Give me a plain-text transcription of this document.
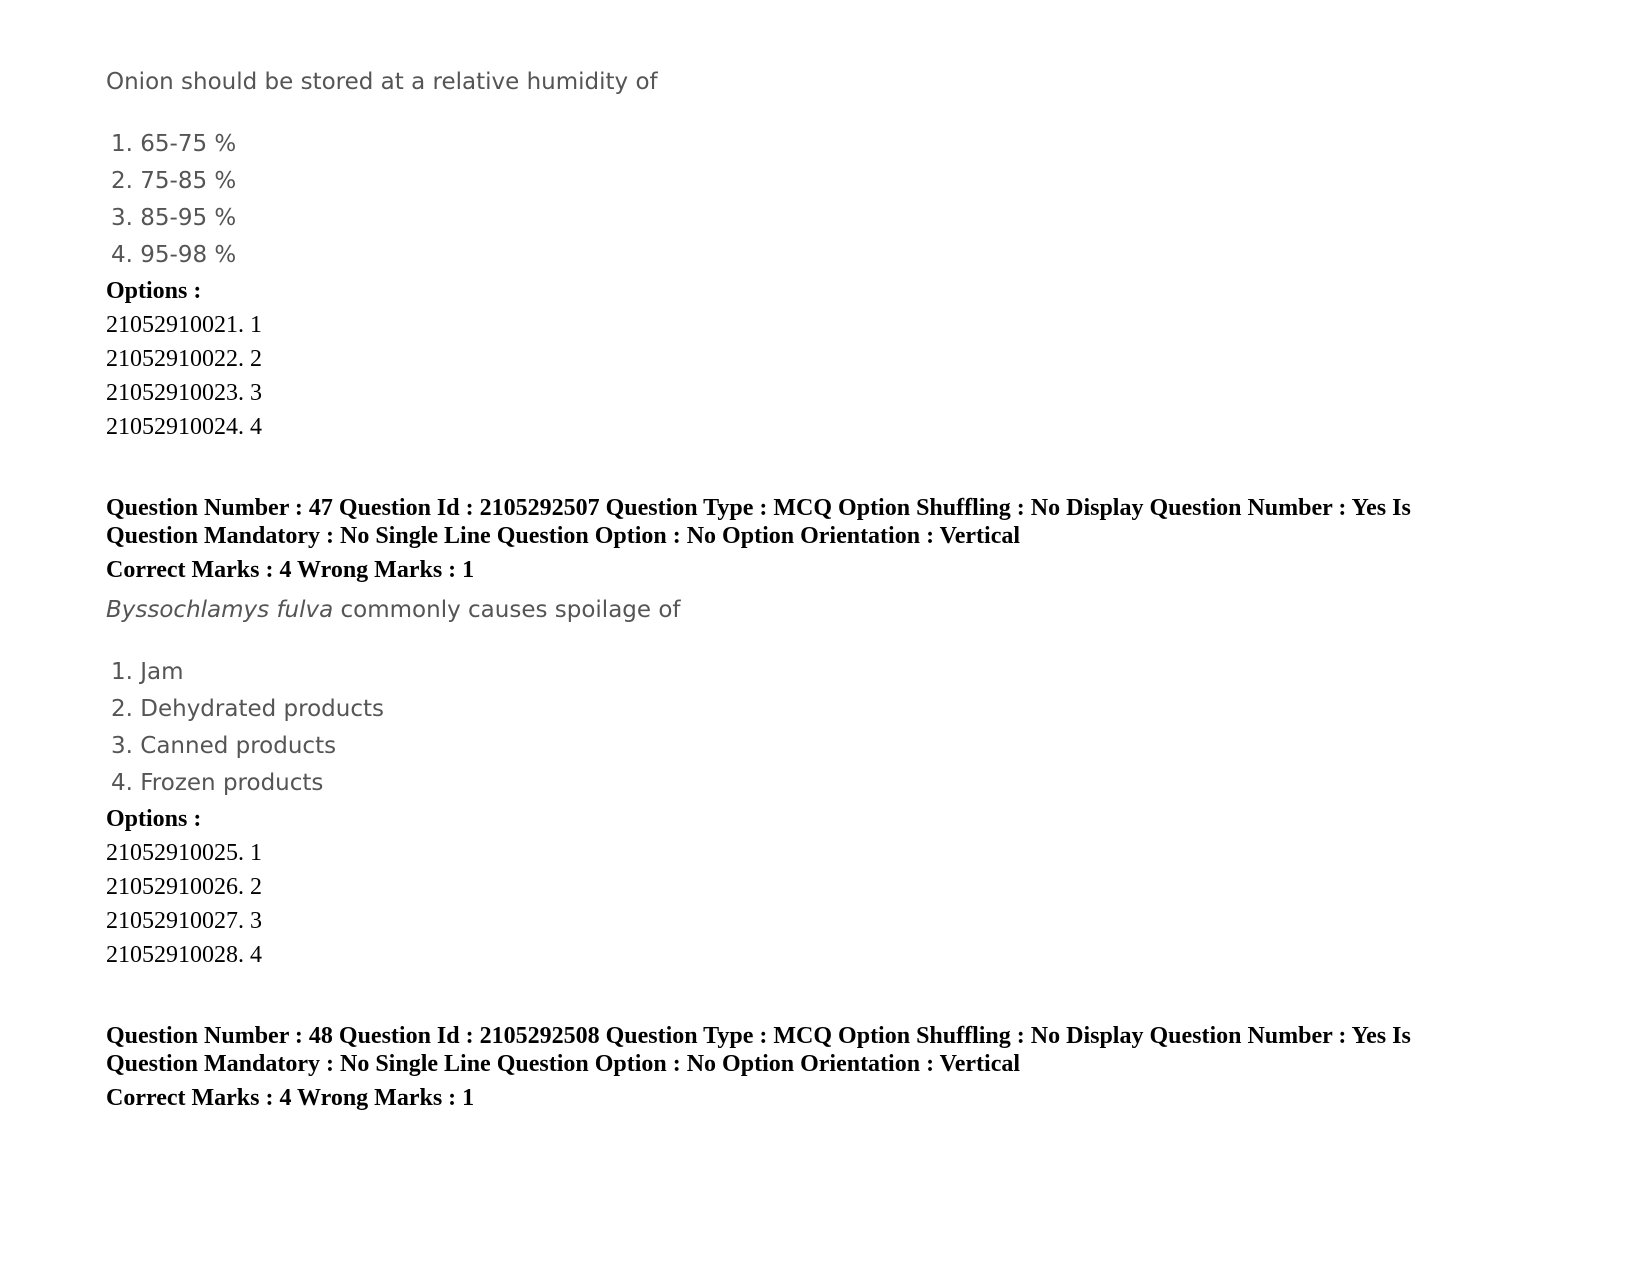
Onion should be stored at a relative humidity of
1. 65-75 %
2. 75-85 %
3. 85-95 %
4. 95-98 %
Options :
21052910021. 1
21052910022. 2
21052910023. 3
21052910024. 4
Question Number : 47 Question Id : 2105292507 Question Type : MCQ Option Shuffling : No Display Question Number : Yes Is
Question Mandatory : No Single Line Question Option : No Option Orientation : Vertical
Correct Marks : 4 Wrong Marks : 1
Byssochlamys fulva commonly causes spoilage of
1. Jam
2. Dehydrated products
3. Canned products
4. Frozen products
Options :
21052910025. 1
21052910026. 2
21052910027. 3
21052910028. 4
Question Number : 48 Question Id : 2105292508 Question Type : MCQ Option Shuffling : No Display Question Number : Yes Is
Question Mandatory : No Single Line Question Option : No Option Orientation : Vertical
Correct Marks : 4 Wrong Marks : 1
